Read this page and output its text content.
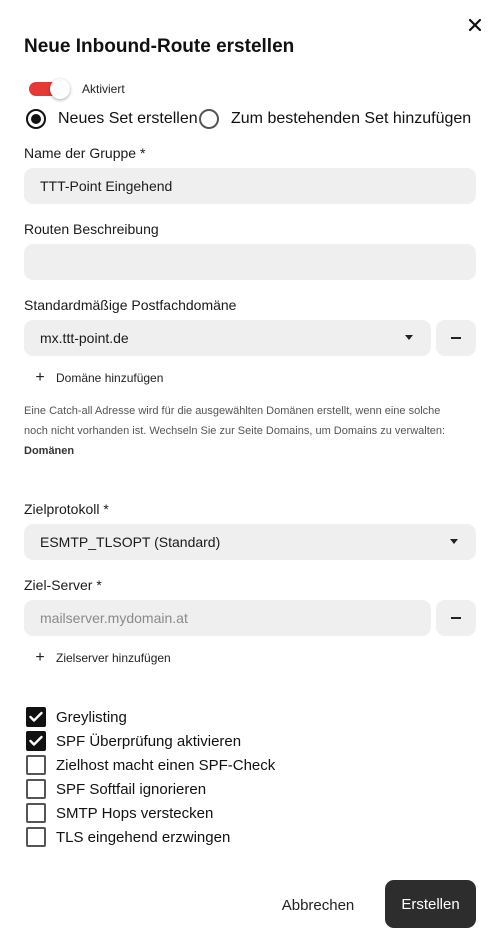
Neue Inbound-Route erstellen
Aktiviert
Neues Set erstellen Zum bestehenden Set hinzufügen
Name der Gruppe *
TTT-Point Eingehend
Routen Beschreibung
Standardmäßige Postfachdomäne
mx.ttt-point.de
+ Domäne hinzufügen
Eine Catch-all Adresse wird für die ausgewählten Domänen erstellt, wenn eine solche noch nicht vorhanden ist. Wechseln Sie zur Seite Domains, um Domains zu verwalten: Domänen
Zielprotokoll *
ESMTP_TLSOPT (Standard)
Ziel-Server *
mailserver.mydomain.at
+ Zielserver hinzufügen
Greylisting
SPF Überprüfung aktivieren
Zielhost macht einen SPF-Check
SPF Softfail ignorieren
SMTP Hops verstecken
TLS eingehend erzwingen
Abbrechen	Erstellen
